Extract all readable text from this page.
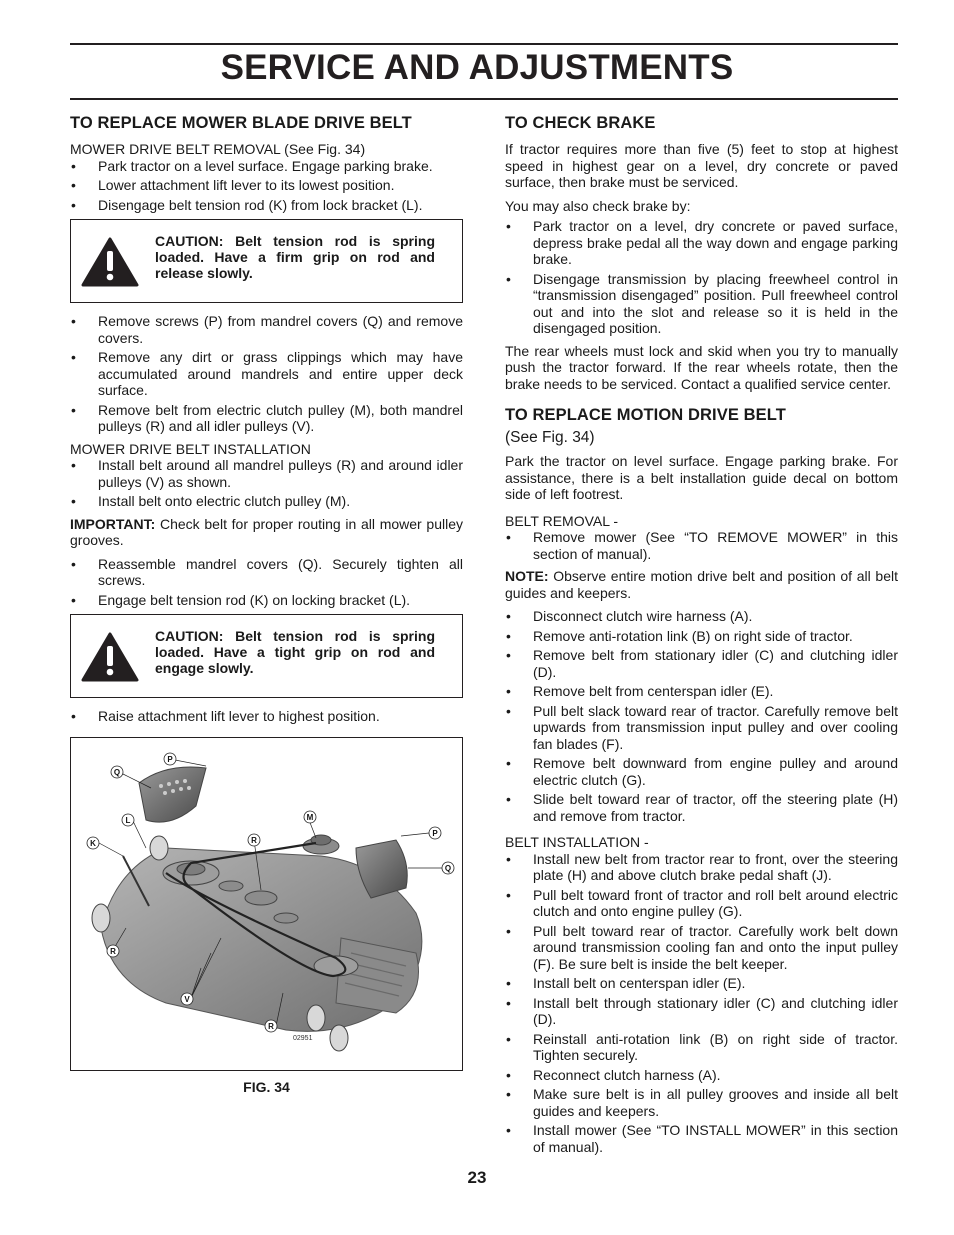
SERVICE AND ADJUSTMENTS
TO REPLACE MOWER BLADE DRIVE BELT
MOWER DRIVE BELT REMOVAL (See Fig. 34)
• Park tractor on a level surface. Engage parking brake.
• Lower attachment lift lever to its lowest position.
• Disengage belt tension rod (K) from lock bracket (L).
CAUTION: Belt tension rod is spring loaded. Have a firm grip on rod and release slowly.
• Remove screws (P) from mandrel covers (Q) and remove covers.
• Remove any dirt or grass clippings which may have accumulated around mandrels and entire upper deck surface.
• Remove belt from electric clutch pulley (M), both mandrel pulleys (R) and all idler pulleys (V).
MOWER DRIVE BELT INSTALLATION
• Install belt around all mandrel pulleys (R) and around idler pulleys (V) as shown.
• Install belt onto electric clutch pulley (M).

IMPORTANT: Check belt for proper routing in all mower pulley grooves.

• Reassemble mandrel covers (Q). Securely tighten all screws.
• Engage belt tension rod (K) on locking bracket (L).
CAUTION: Belt tension rod is spring loaded. Have a tight grip on rod and engage slowly.
• Raise attachment lift lever to highest position.
P
Q
L
K
M
R
P
Q
R
V
R
02951
FIG. 34
TO CHECK BRAKE

If tractor requires more than five (5) feet to stop at highest speed in highest gear on a level, dry concrete or paved surface, then brake must be serviced.

You may also check brake by:

• Park tractor on a level, dry concrete or paved surface, depress brake pedal all the way down and engage parking brake.
• Disengage transmission by placing freewheel control in “transmission disengaged” position. Pull freewheel control out and into the slot and release so it is held in the disengaged position.

The rear wheels must lock and skid when you try to manually push the tractor forward. If the rear wheels rotate, then the brake needs to be serviced. Contact a qualified service center.

TO REPLACE MOTION DRIVE BELT
(See Fig. 34)

Park the tractor on level surface. Engage parking brake. For assistance, there is a belt installation guide decal on bottom side of left footrest.

BELT REMOVAL -
• Remove mower (See “TO REMOVE MOWER” in this section of manual).

NOTE: Observe entire motion drive belt and position of all belt guides and keepers.

• Disconnect clutch wire harness (A).
• Remove anti-rotation link (B) on right side of tractor.
• Remove belt from stationary idler (C) and clutching idler (D).
• Remove belt from centerspan idler (E).
• Pull belt slack toward rear of tractor. Carefully remove belt upwards from transmission input pulley and over cooling fan blades (F).
• Remove belt downward from engine pulley and around electric clutch (G).
• Slide belt toward rear of tractor, off the steering plate (H) and remove from tractor.
BELT INSTALLATION -
• Install new belt from tractor rear to front, over the steering plate (H) and above clutch brake pedal shaft (J).
• Pull belt toward front of tractor and roll belt around electric clutch and onto engine pulley (G).
• Pull belt toward rear of tractor. Carefully work belt down around transmission cooling fan and onto the input pulley (F). Be sure belt is inside the belt keeper.
• Install belt on centerspan idler (E).
• Install belt through stationary idler (C) and clutching idler (D).
• Reinstall anti-rotation link (B) on right side of tractor. Tighten securely.
• Reconnect clutch harness (A).
• Make sure belt is in all pulley grooves and inside all belt guides and keepers.
• Install mower (See “TO INSTALL MOWER” in this section of manual).
23
